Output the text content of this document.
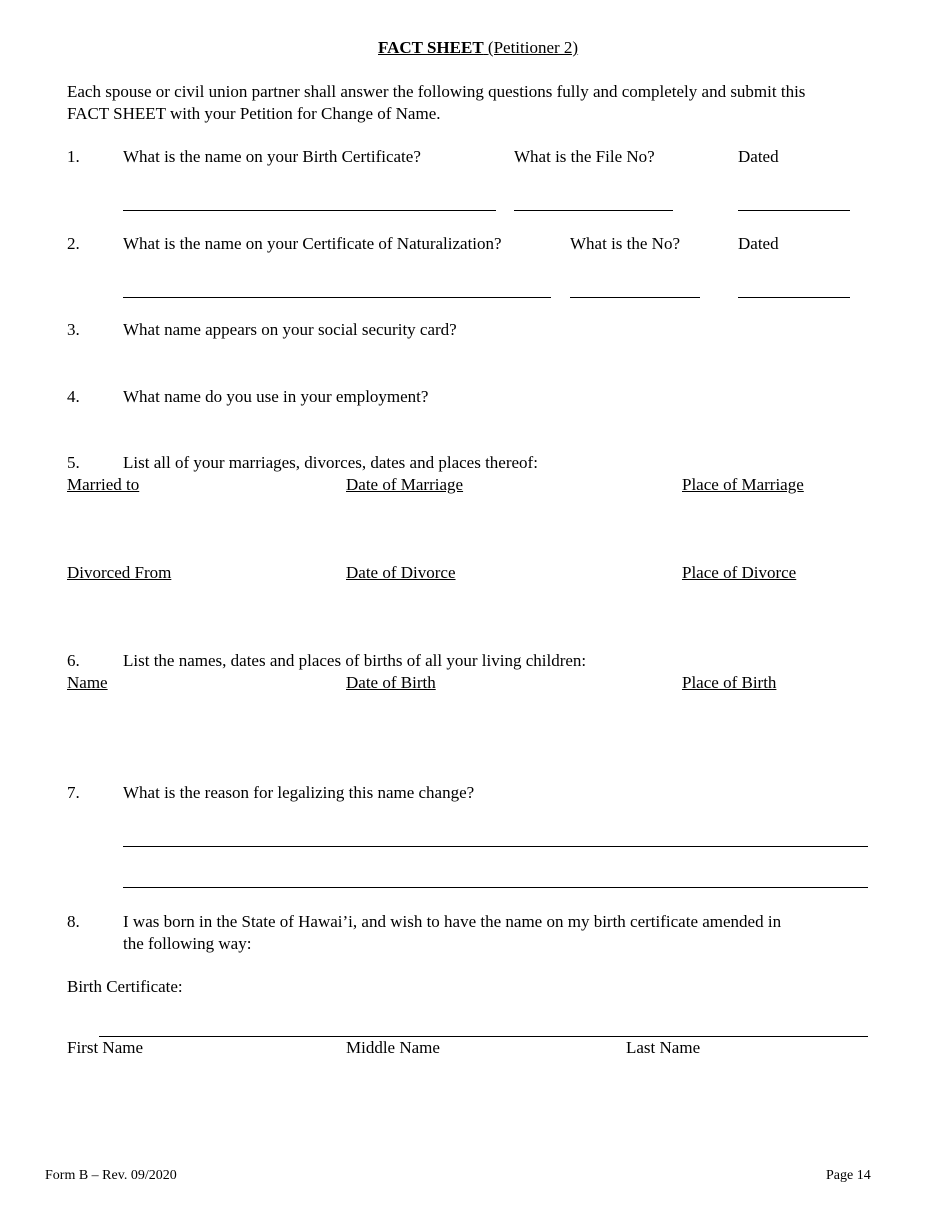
FACT SHEET (Petitioner 2)
Each spouse or civil union partner shall answer the following questions fully and completely and submit this
FACT SHEET with your Petition for Change of Name.
1.	What is the name on your Birth Certificate?	What is the File No?	Dated
2.	What is the name on your Certificate of Naturalization?	What is the No?	Dated
3.	What name appears on your social security card?
4.	What name do you use in your employment?
5.	List all of your marriages, divorces, dates and places thereof:
Married to	Date of Marriage	Place of Marriage
Divorced From	Date of Divorce	Place of Divorce
6.	List the names, dates and places of births of all your living children:
Name	Date of Birth	Place of Birth
7.	What is the reason for legalizing this name change?
8.	I was born in the State of Hawai’i, and wish to have the name on my birth certificate amended in
the following way:
Birth Certificate:
First Name	Middle Name	Last Name
Form B – Rev. 09/2020	Page 14
